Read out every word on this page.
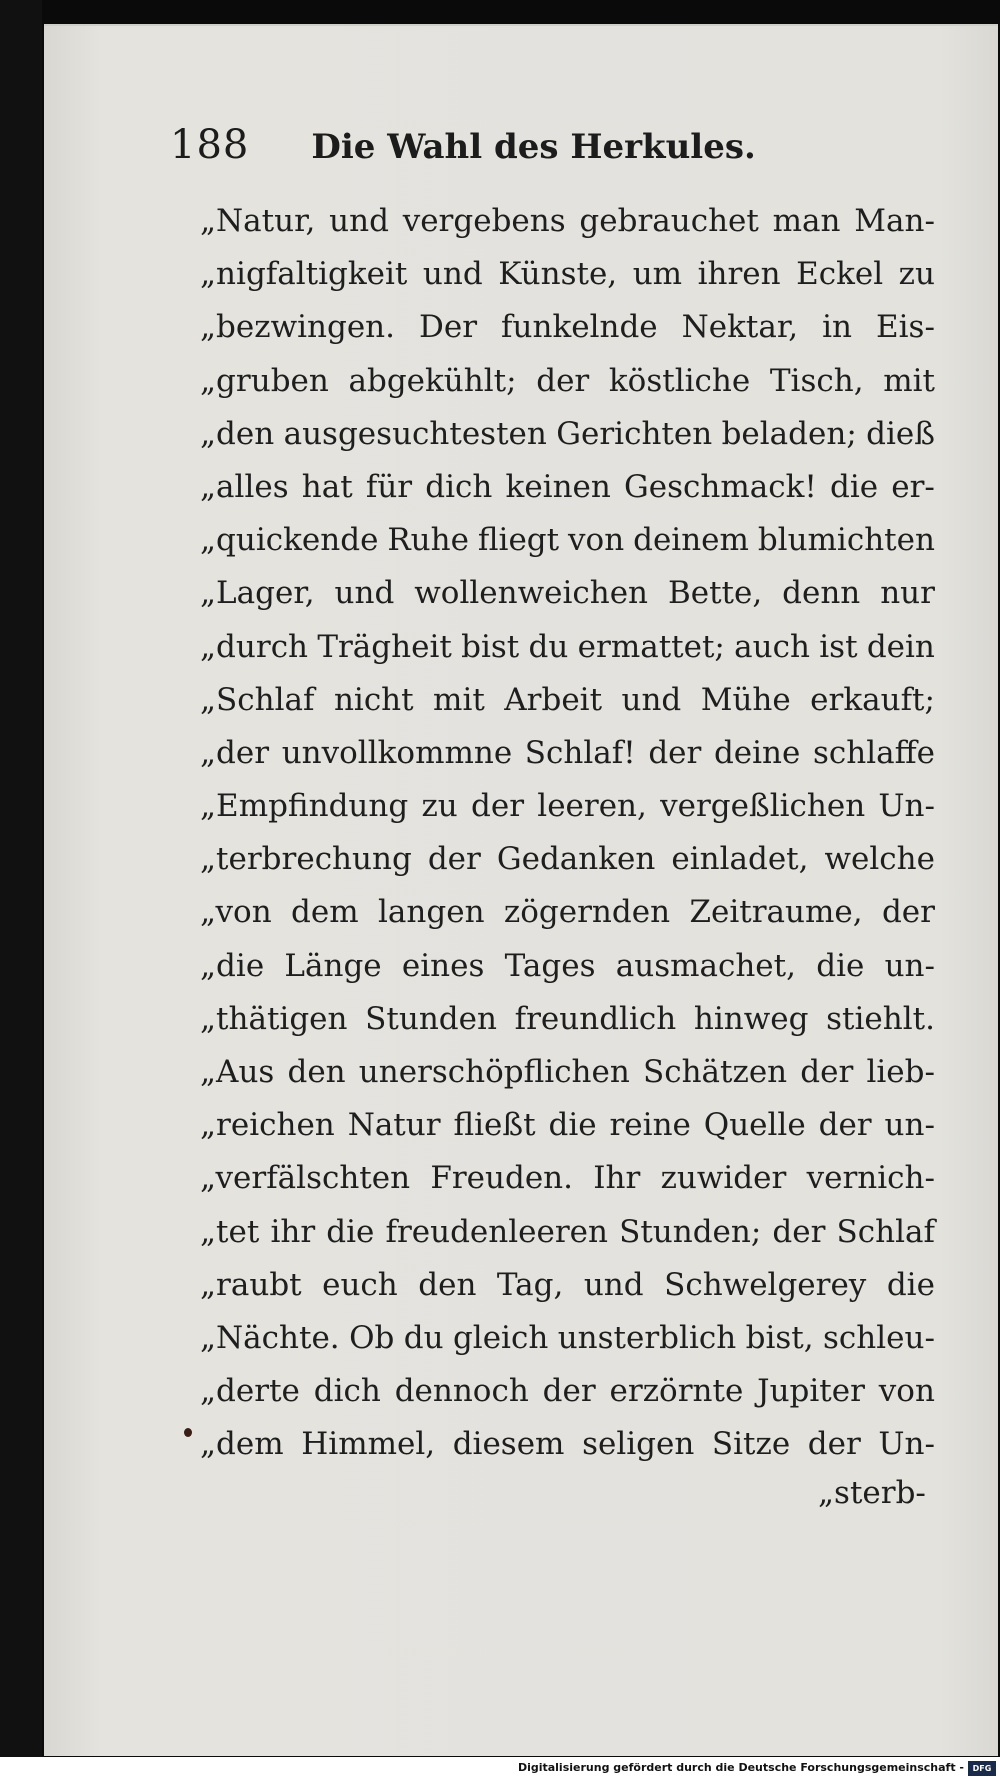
188 Die Wahl des Herkules.
„Natur, und vergebens gebrauchet man Man-
„nigfaltigkeit und Künste, um ihren Eckel zu
„bezwingen. Der funkelnde Nektar, in Eis-
„gruben abgekühlt; der köstliche Tisch, mit
„den ausgesuchtesten Gerichten beladen; dieß
„alles hat für dich keinen Geschmack! die er-
„quickende Ruhe fliegt von deinem blumichten
„Lager, und wollenweichen Bette, denn nur
„durch Trägheit bist du ermattet; auch ist dein
„Schlaf nicht mit Arbeit und Mühe erkauft;
„der unvollkommne Schlaf! der deine schlaffe
„Empfindung zu der leeren, vergeßlichen Un-
„terbrechung der Gedanken einladet, welche
„von dem langen zögernden Zeitraume, der
„die Länge eines Tages ausmachet, die un-
„thätigen Stunden freundlich hinweg stiehlt.
„Aus den unerschöpflichen Schätzen der lieb-
„reichen Natur fließt die reine Quelle der un-
„verfälschten Freuden. Ihr zuwider vernich-
„tet ihr die freudenleeren Stunden; der Schlaf
„raubt euch den Tag, und Schwelgerey die
„Nächte. Ob du gleich unsterblich bist, schleu-
„derte dich dennoch der erzörnte Jupiter von
„dem Himmel, diesem seligen Sitze der Un-
„sterb-
Digitalisierung gefördert durch die Deutsche Forschungsgemeinschaft -	DFG
